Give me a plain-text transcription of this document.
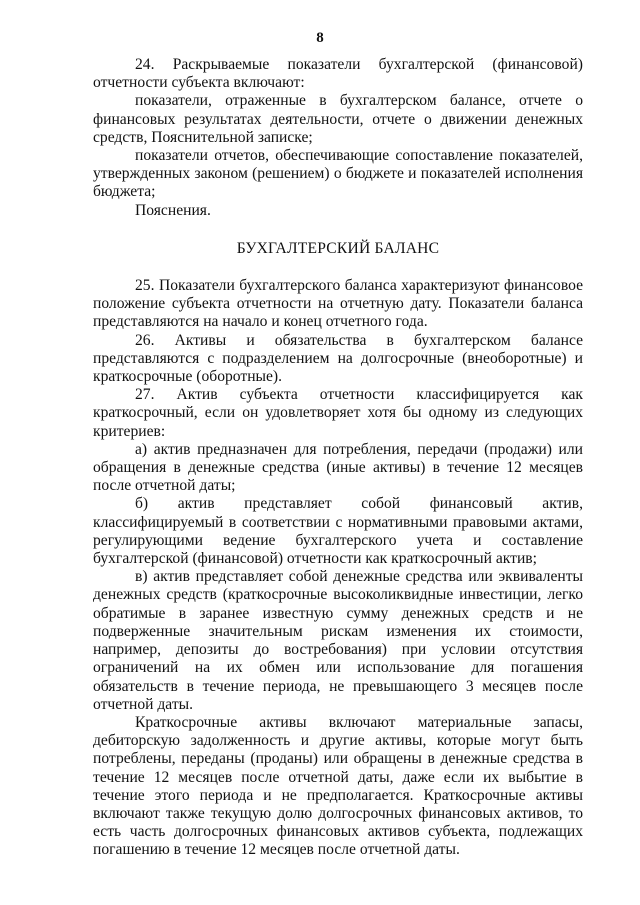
8

24. Раскрываемые показатели бухгалтерской (финансовой) отчетности субъекта включают:

показатели, отраженные в бухгалтерском балансе, отчете о финансовых результатах деятельности, отчете о движении денежных средств, Пояснительной записке;

показатели отчетов, обеспечивающие сопоставление показателей, утвержденных законом (решением) о бюджете и показателей исполнения бюджета;

Пояснения.

БУХГАЛТЕРСКИЙ БАЛАНС

25. Показатели бухгалтерского баланса характеризуют финансовое положение субъекта отчетности на отчетную дату. Показатели баланса представляются на начало и конец отчетного года.

26. Активы и обязательства в бухгалтерском балансе представляются с подразделением на долгосрочные (внеоборотные) и краткосрочные (оборотные).

27. Актив субъекта отчетности классифицируется как краткосрочный, если он удовлетворяет хотя бы одному из следующих критериев:

а) актив предназначен для потребления, передачи (продажи) или обращения в денежные средства (иные активы) в течение 12 месяцев после отчетной даты;

б) актив представляет собой финансовый актив, классифицируемый в соответствии с нормативными правовыми актами, регулирующими ведение бухгалтерского учета и составление бухгалтерской (финансовой) отчетности как краткосрочный актив;

в) актив представляет собой денежные средства или эквиваленты денежных средств (краткосрочные высоколиквидные инвестиции, легко обратимые в заранее известную сумму денежных средств и не подверженные значительным рискам изменения их стоимости, например, депозиты до востребования) при условии отсутствия ограничений на их обмен или использование для погашения обязательств в течение периода, не превышающего 3 месяцев после отчетной даты.

Краткосрочные активы включают материальные запасы, дебиторскую задолженность и другие активы, которые могут быть потреблены, переданы (проданы) или обращены в денежные средства в течение 12 месяцев после отчетной даты, даже если их выбытие в течение этого периода и не предполагается. Краткосрочные активы включают также текущую долю долгосрочных финансовых активов, то есть часть долгосрочных финансовых активов субъекта, подлежащих погашению в течение 12 месяцев после отчетной даты.
